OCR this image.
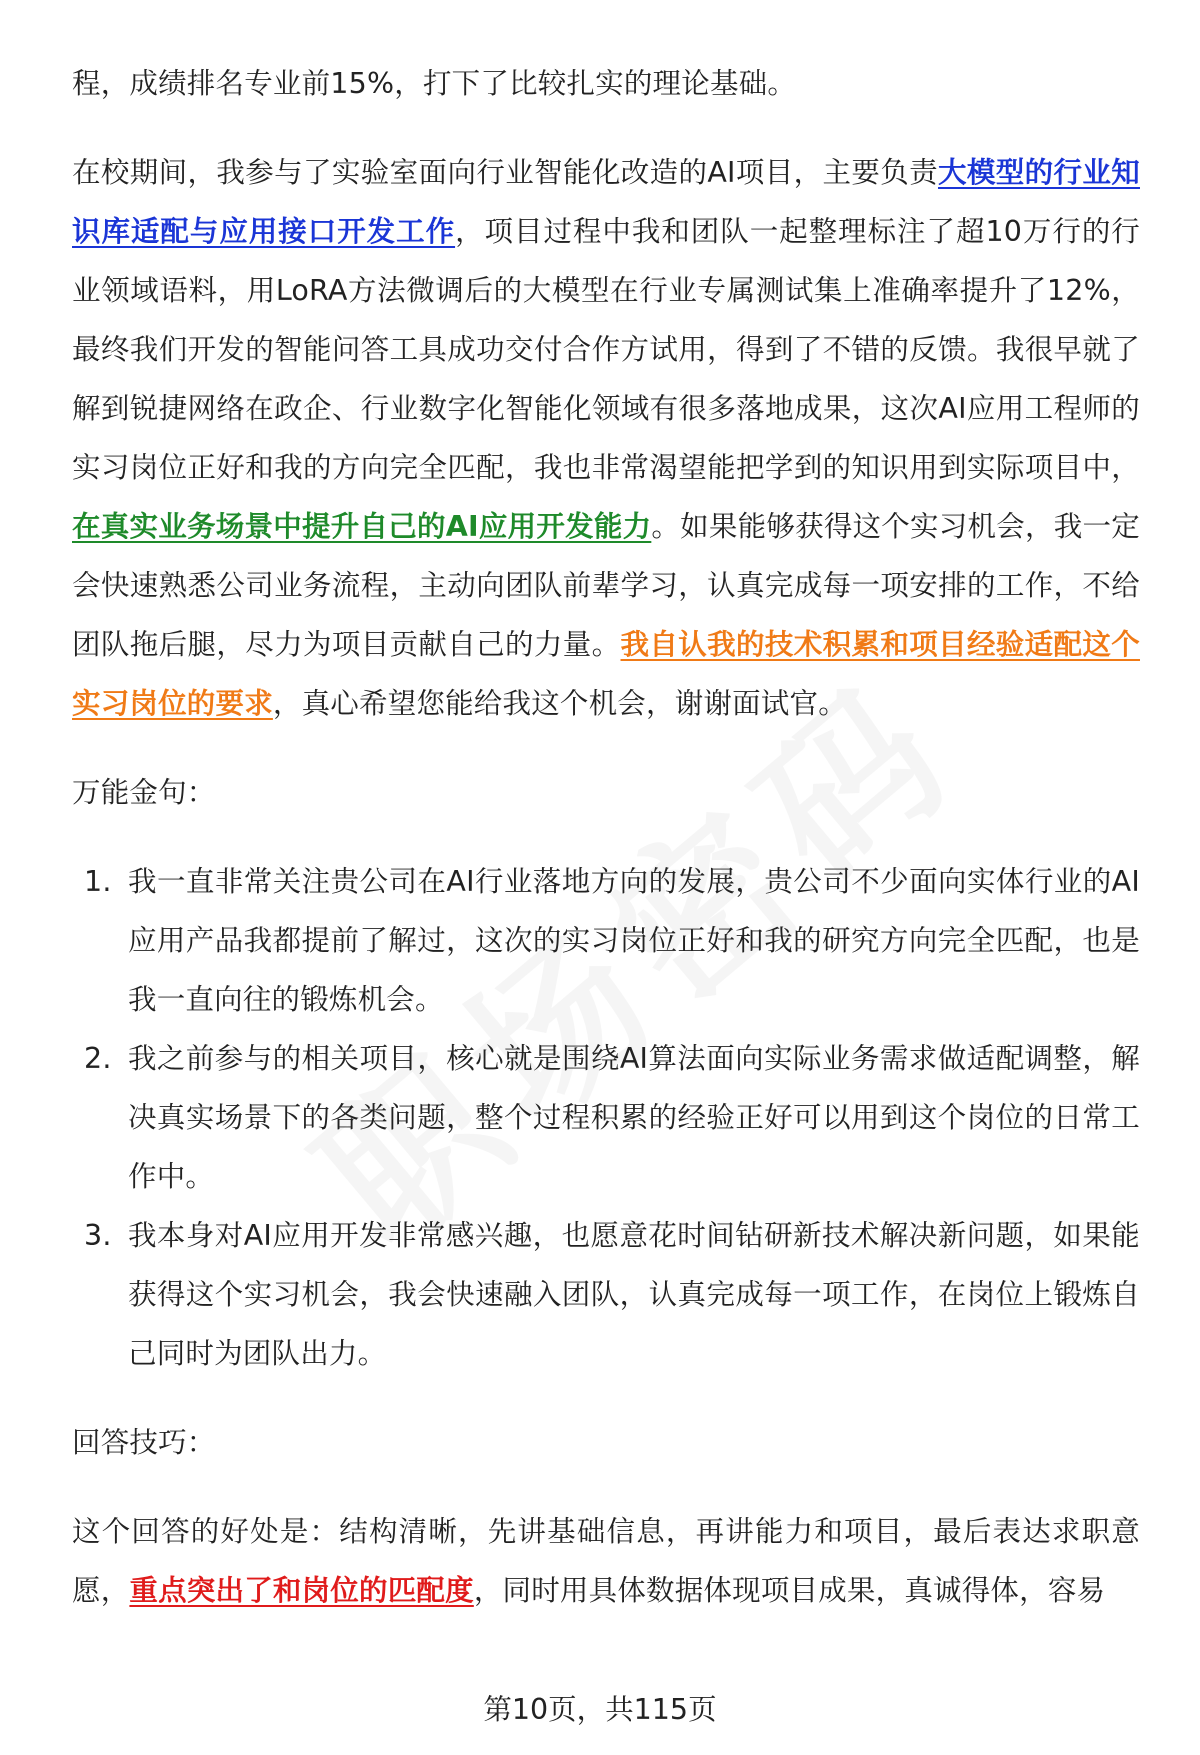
程，成绩排名专业前15%，打下了比较扎实的理论基础。

在校期间，我参与了实验室面向行业智能化改造的AI项目，主要负责大模型的行业知识库适配与应用接口开发工作，项目过程中我和团队一起整理标注了超10万行的行业领域语料，用LoRA方法微调后的大模型在行业专属测试集上准确率提升了12%，最终我们开发的智能问答工具成功交付合作方试用，得到了不错的反馈。我很早就了解到锐捷网络在政企、行业数字化智能化领域有很多落地成果，这次AI应用工程师的实习岗位正好和我的方向完全匹配，我也非常渴望能把学到的知识用到实际项目中，在真实业务场景中提升自己的AI应用开发能力。如果能够获得这个实习机会，我一定会快速熟悉公司业务流程，主动向团队前辈学习，认真完成每一项安排的工作，不给团队拖后腿，尽力为项目贡献自己的力量。我自认我的技术积累和项目经验适配这个实习岗位的要求，真心希望您能给我这个机会，谢谢面试官。

万能金句：

1. 我一直非常关注贵公司在AI行业落地方向的发展，贵公司不少面向实体行业的AI应用产品我都提前了解过，这次的实习岗位正好和我的研究方向完全匹配，也是我一直向往的锻炼机会。
2. 我之前参与的相关项目，核心就是围绕AI算法面向实际业务需求做适配调整，解决真实场景下的各类问题，整个过程积累的经验正好可以用到这个岗位的日常工作中。
3. 我本身对AI应用开发非常感兴趣，也愿意花时间钻研新技术解决新问题，如果能获得这个实习机会，我会快速融入团队，认真完成每一项工作，在岗位上锻炼自己同时为团队出力。

回答技巧：

这个回答的好处是：结构清晰，先讲基础信息，再讲能力和项目，最后表达求职意愿，重点突出了和岗位的匹配度，同时用具体数据体现项目成果，真诚得体，容易

第10页，共115页
